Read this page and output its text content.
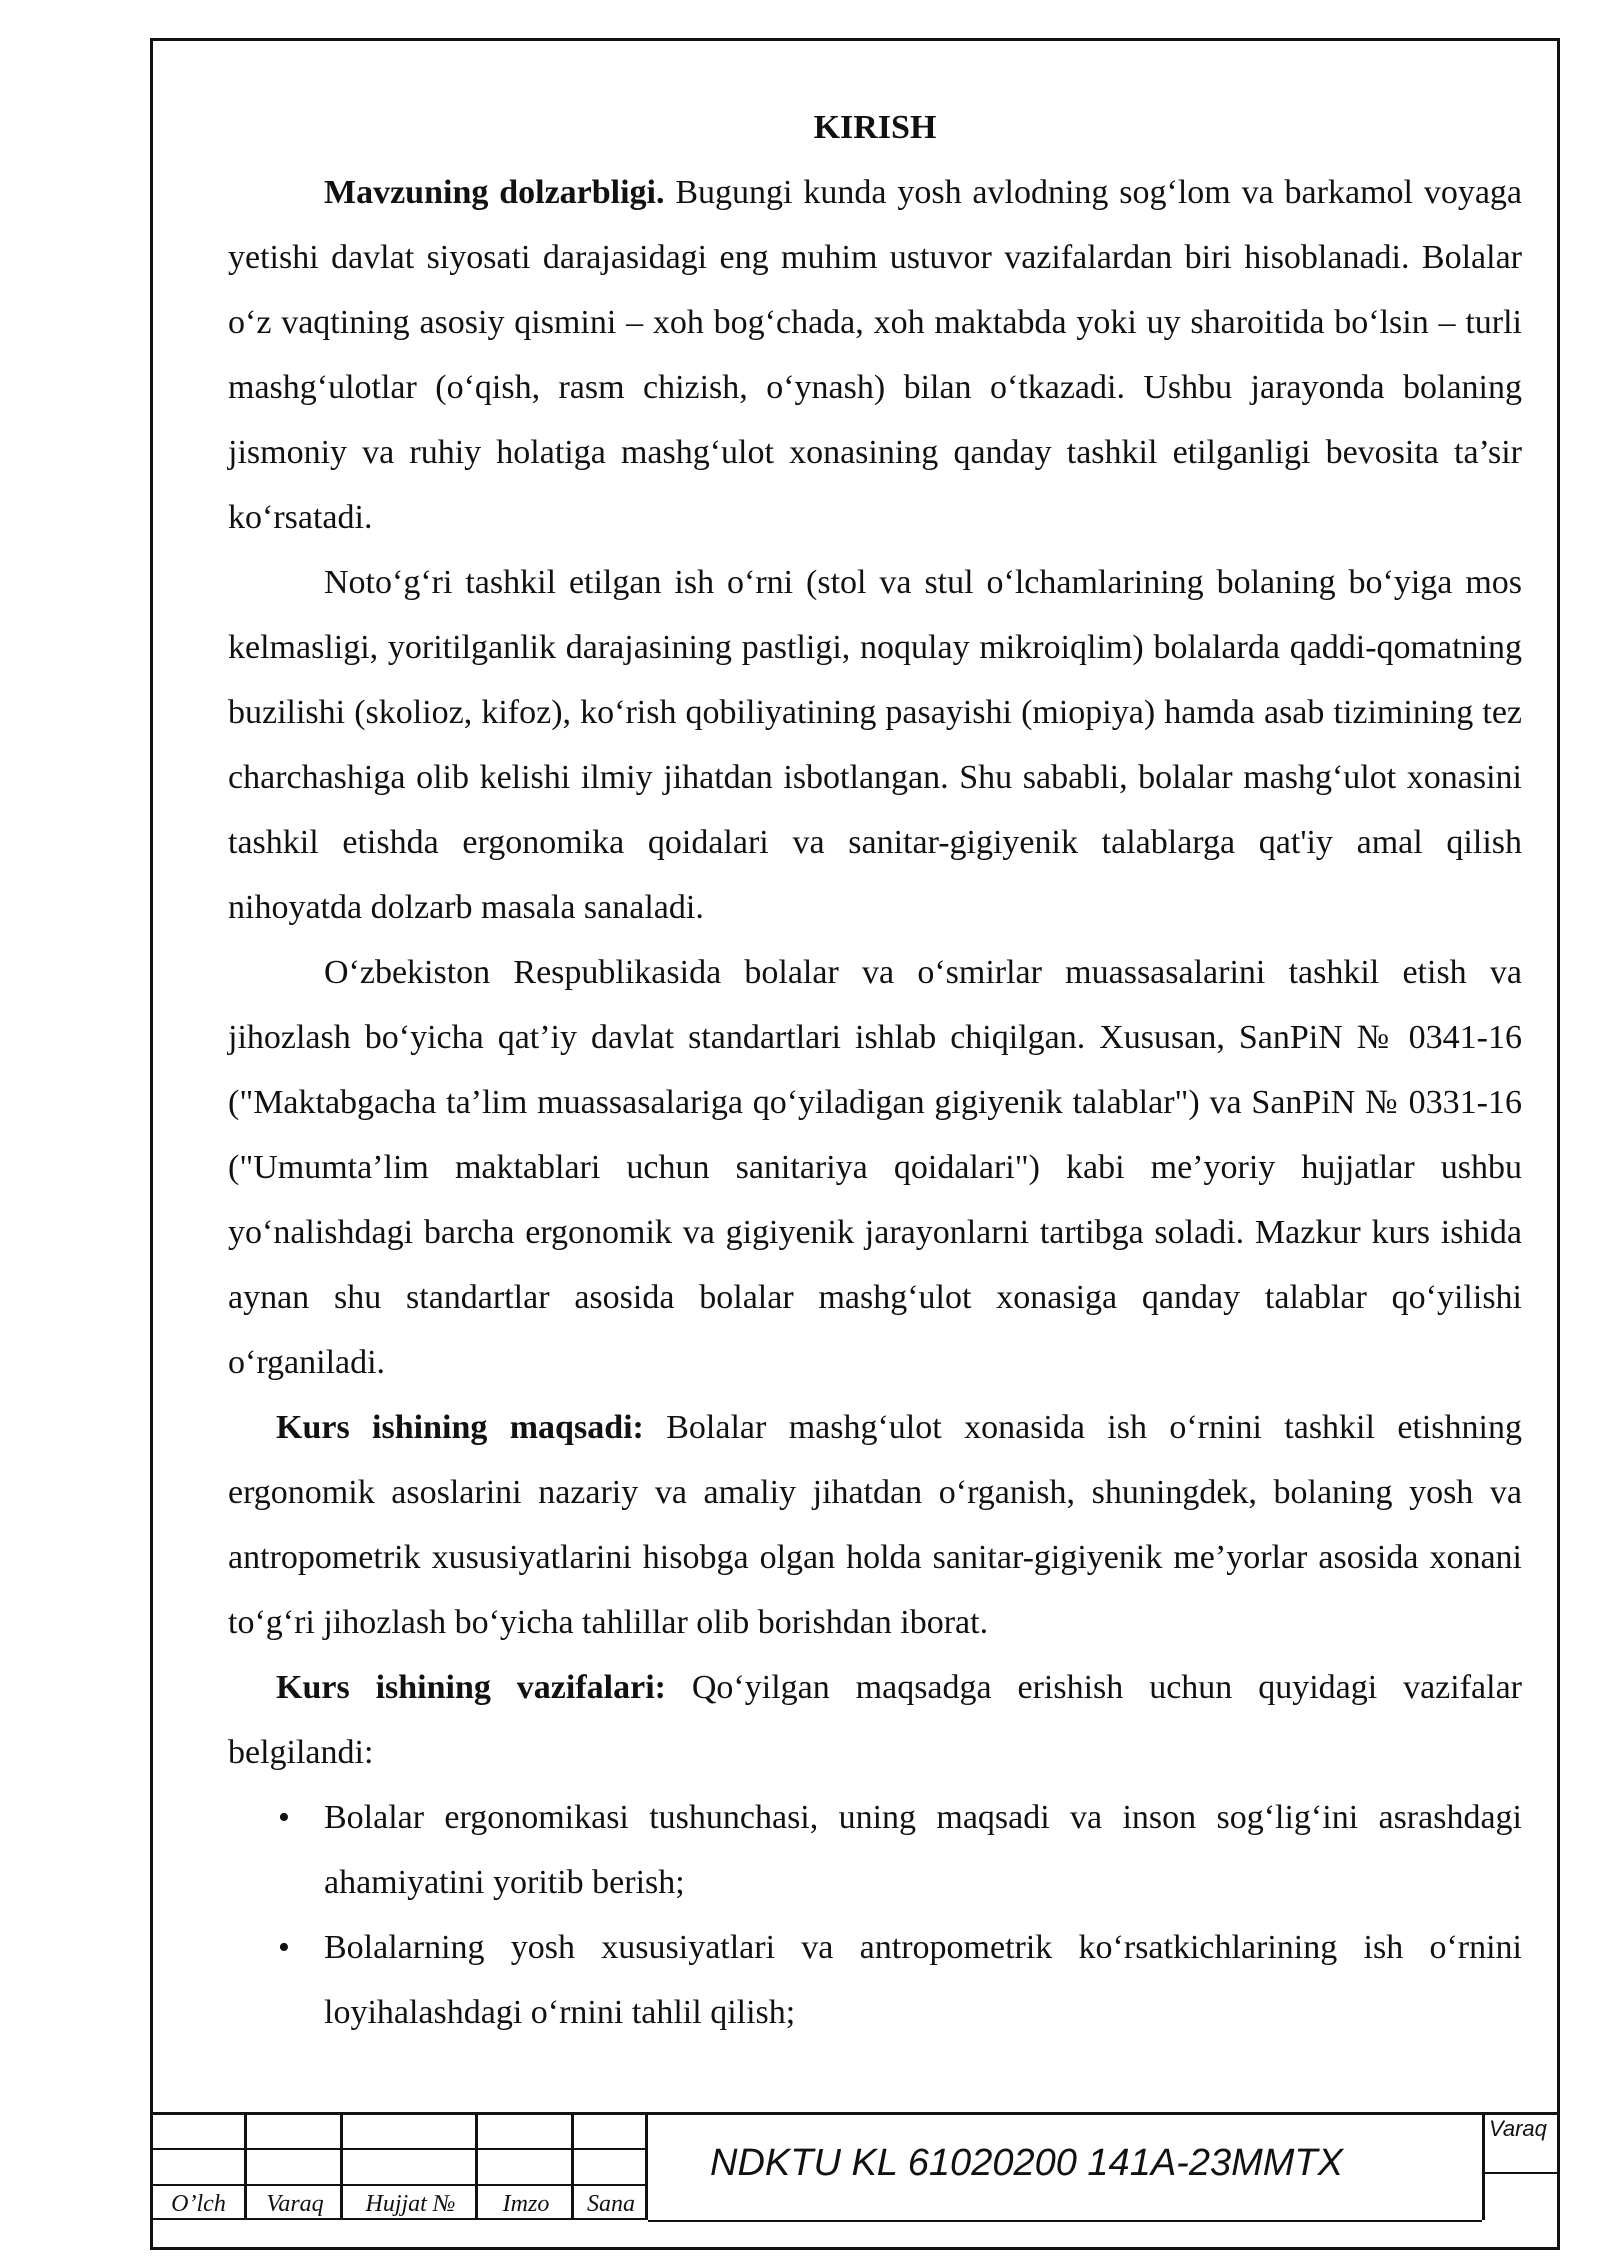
KIRISH

Mavzuning dolzarbligi. Bugungi kunda yosh avlodning sog‘lom va barkamol voyaga yetishi davlat siyosati darajasidagi eng muhim ustuvor vazifalardan biri hisoblanadi. Bolalar o‘z vaqtining asosiy qismini – xoh bog‘chada, xoh maktabda yoki uy sharoitida bo‘lsin – turli mashg‘ulotlar (o‘qish, rasm chizish, o‘ynash) bilan o‘tkazadi. Ushbu jarayonda bolaning jismoniy va ruhiy holatiga mashg‘ulot xonasining qanday tashkil etilganligi bevosita ta’sir ko‘rsatadi.

Noto‘g‘ri tashkil etilgan ish o‘rni (stol va stul o‘lchamlarining bolaning bo‘yiga mos kelmasligi, yoritilganlik darajasining pastligi, noqulay mikroiqlim) bolalarda qaddi-qomatning buzilishi (skolioz, kifoz), ko‘rish qobiliyatining pasayishi (miopiya) hamda asab tizimining tez charchashiga olib kelishi ilmiy jihatdan isbotlangan. Shu sababli, bolalar mashg‘ulot xonasini tashkil etishda ergonomika qoidalari va sanitar-gigiyenik talablarga qat'iy amal qilish nihoyatda dolzarb masala sanaladi.

O‘zbekiston Respublikasida bolalar va o‘smirlar muassasalarini tashkil etish va jihozlash bo‘yicha qat’iy davlat standartlari ishlab chiqilgan. Xususan, SanPiN № 0341-16 ("Maktabgacha ta’lim muassasalariga qo‘yiladigan gigiyenik talablar") va SanPiN № 0331-16 ("Umumta’lim maktablari uchun sanitariya qoidalari") kabi me’yoriy hujjatlar ushbu yo‘nalishdagi barcha ergonomik va gigiyenik jarayonlarni tartibga soladi. Mazkur kurs ishida aynan shu standartlar asosida bolalar mashg‘ulot xonasiga qanday talablar qo‘yilishi o‘rganiladi.

Kurs ishining maqsadi: Bolalar mashg‘ulot xonasida ish o‘rnini tashkil etishning ergonomik asoslarini nazariy va amaliy jihatdan o‘rganish, shuningdek, bolaning yosh va antropometrik xususiyatlarini hisobga olgan holda sanitar-gigiyenik me’yorlar asosida xonani to‘g‘ri jihozlash bo‘yicha tahlillar olib borishdan iborat.

Kurs ishining vazifalari: Qo‘yilgan maqsadga erishish uchun quyidagi vazifalar belgilandi:

• Bolalar ergonomikasi tushunchasi, uning maqsadi va inson sog‘lig‘ini asrashdagi ahamiyatini yoritib berish;
• Bolalarning yosh xususiyatlari va antropometrik ko‘rsatkichlarining ish o‘rnini loyihalashdagi o‘rnini tahlil qilish;
O’lch	Varaq	Hujjat №	Imzo	Sana
NDKTU KL 61020200 141A-23MMTX
Varaq
